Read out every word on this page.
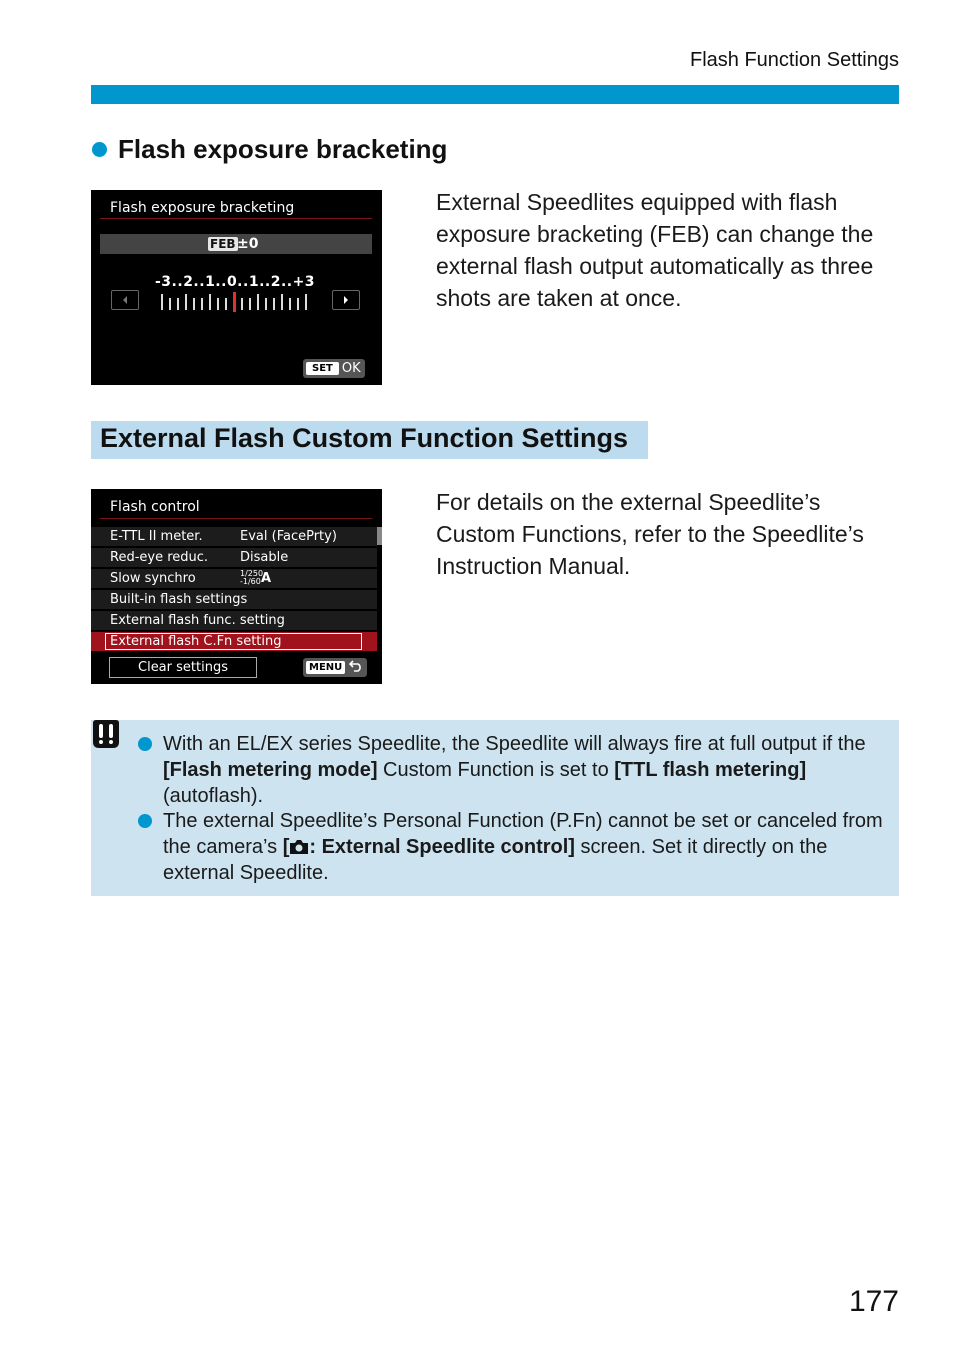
Flash Function Settings
Flash exposure bracketing
Flash exposure bracketing
FEB ±0
-3..2..1..0..1..2..+3
SET OK
External Speedlites equipped with flash exposure bracketing (FEB) can change the external flash output automatically as three shots are taken at once.
External Flash Custom Function Settings
Flash control
E-TTL II meter.	Eval (FacePrty)
Red-eye reduc. Disable
Slow synchro	1/250
-1/60 A
Built-in flash settings
External flash func. setting
External flash C.Fn setting
Clear settings	MENU
For details on the external Speedlite’s Custom Functions, refer to the Speedlite’s Instruction Manual.
With an EL/EX series Speedlite, the Speedlite will always fire at full output if the [Flash metering mode] Custom Function is set to [TTL flash metering] (autoflash).
The external Speedlite’s Personal Function (P.Fn) cannot be set or canceled from the camera’s [ : External Speedlite control] screen. Set it directly on the external Speedlite.
177
